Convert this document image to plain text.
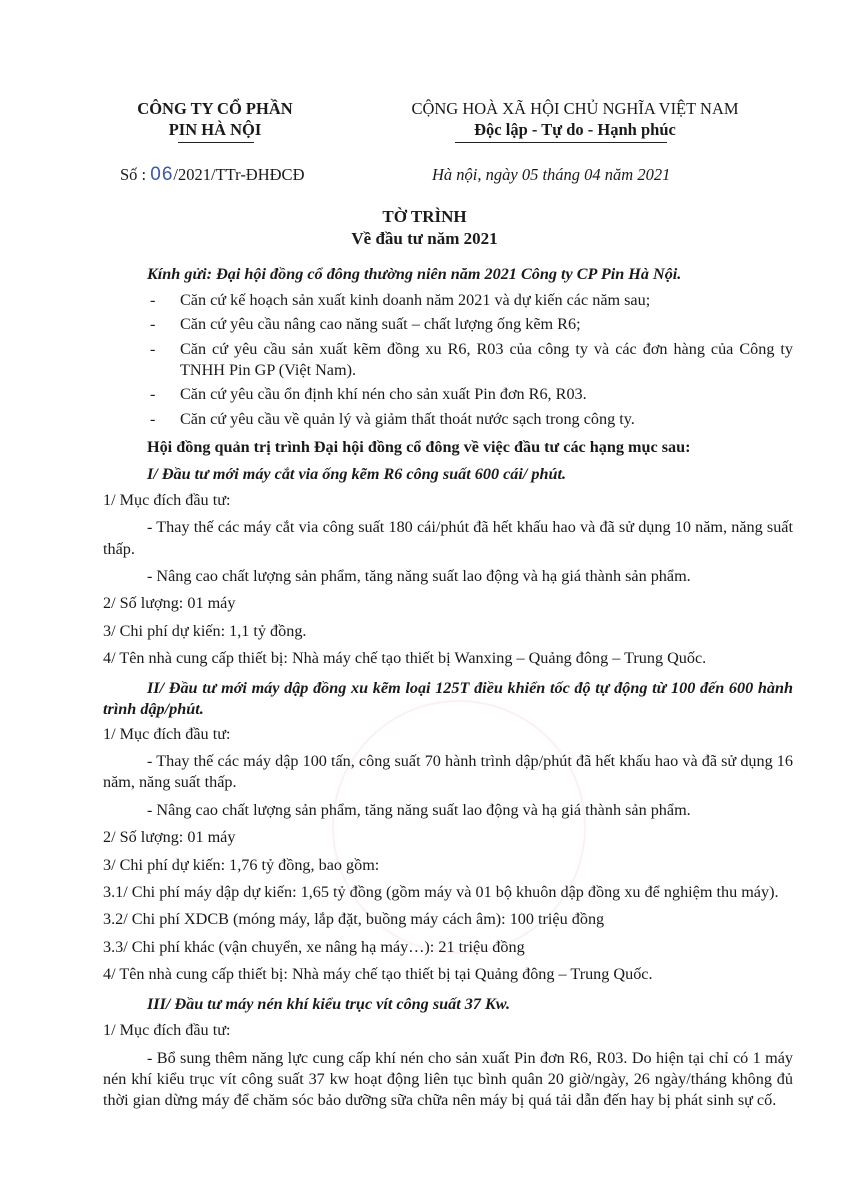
CÔNG TY CỔ PHẦN
PIN HÀ NỘI
CỘNG HOÀ XÃ HỘI CHỦ NGHĨA VIỆT NAM
Độc lập - Tự do - Hạnh phúc
Số : 06/2021/TTr-ĐHĐCĐ	Hà nội, ngày 05 tháng 04 năm 2021
TỜ TRÌNH
Về đầu tư năm 2021

Kính gửi: Đại hội đồng cổ đông thường niên năm 2021 Công ty CP Pin Hà Nội.

- Căn cứ kế hoạch sản xuất kinh doanh năm 2021 và dự kiến các năm sau;
- Căn cứ yêu cầu nâng cao năng suất – chất lượng ống kẽm R6;
- Căn cứ yêu cầu sản xuất kẽm đồng xu R6, R03 của công ty và các đơn hàng của Công ty TNHH Pin GP (Việt Nam).
- Căn cứ yêu cầu ổn định khí nén cho sản xuất Pin đơn R6, R03.
- Căn cứ yêu cầu về quản lý và giảm thất thoát nước sạch trong công ty.

Hội đồng quản trị trình Đại hội đồng cổ đông về việc đầu tư các hạng mục sau:

I/ Đầu tư mới máy cắt via ống kẽm R6 công suất 600 cái/ phút.

1/ Mục đích đầu tư:

- Thay thế các máy cắt via công suất 180 cái/phút đã hết khấu hao và đã sử dụng 10 năm, năng suất thấp.

- Nâng cao chất lượng sản phẩm, tăng năng suất lao động và hạ giá thành sản phẩm.

2/ Số lượng: 01 máy

3/ Chi phí dự kiến: 1,1 tỷ đồng.

4/ Tên nhà cung cấp thiết bị: Nhà máy chế tạo thiết bị Wanxing – Quảng đông – Trung Quốc.

II/ Đầu tư mới máy dập đồng xu kẽm loại 125T điều khiển tốc độ tự động từ 100 đến 600 hành trình dập/phút.

1/ Mục đích đầu tư:

- Thay thế các máy dập 100 tấn, công suất 70 hành trình dập/phút đã hết khấu hao và đã sử dụng 16 năm, năng suất thấp.

- Nâng cao chất lượng sản phẩm, tăng năng suất lao động và hạ giá thành sản phẩm.

2/ Số lượng: 01 máy

3/ Chi phí dự kiến: 1,76 tỷ đồng, bao gồm:

3.1/ Chi phí máy dập dự kiến: 1,65 tỷ đồng (gồm máy và 01 bộ khuôn dập đồng xu để nghiệm thu máy).

3.2/ Chi phí XDCB (móng máy, lắp đặt, buồng máy cách âm): 100 triệu đồng

3.3/ Chi phí khác (vận chuyển, xe nâng hạ máy…): 21 triệu đồng

4/ Tên nhà cung cấp thiết bị: Nhà máy chế tạo thiết bị tại Quảng đông – Trung Quốc.

III/ Đầu tư máy nén khí kiểu trục vít công suất 37 Kw.

1/ Mục đích đầu tư:

- Bổ sung thêm năng lực cung cấp khí nén cho sản xuất Pin đơn R6, R03. Do hiện tại chỉ có 1 máy nén khí kiểu trục vít công suất 37 kw hoạt động liên tục bình quân 20 giờ/ngày, 26 ngày/tháng không đủ thời gian dừng máy để chăm sóc bảo dưỡng sữa chữa nên máy bị quá tải dẫn đến hay bị phát sinh sự cố.
